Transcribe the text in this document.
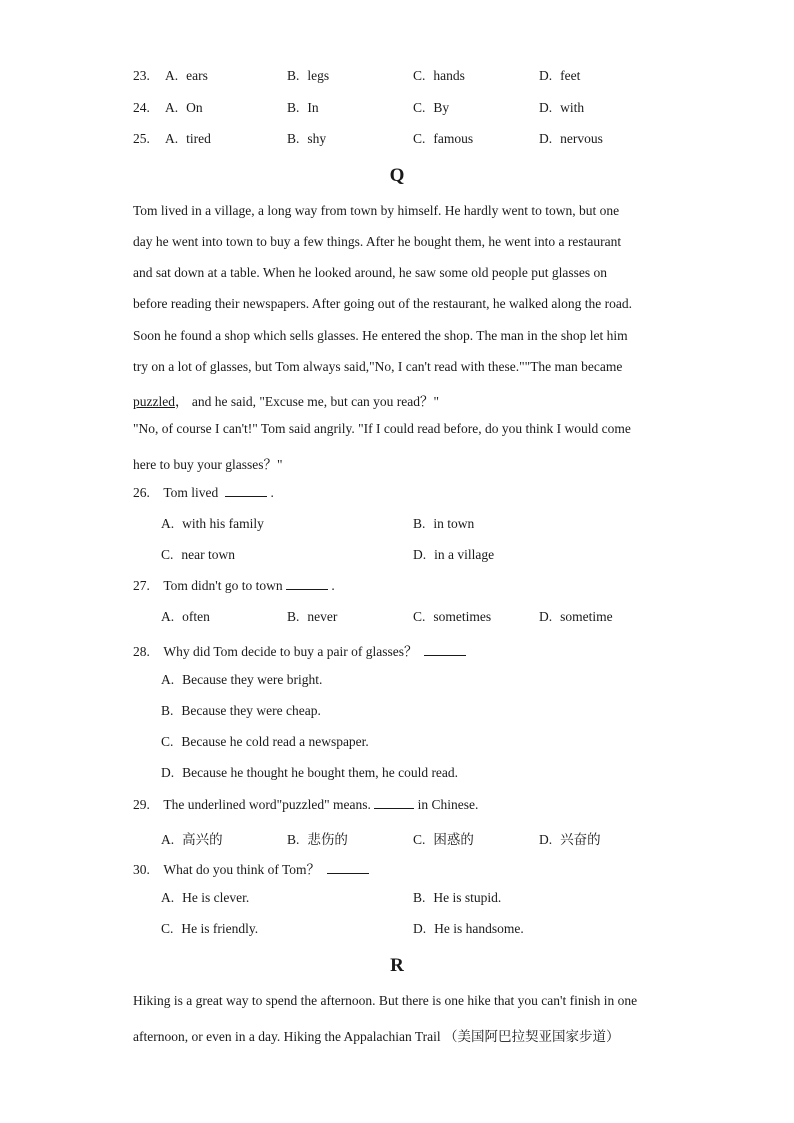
23. A. ears	B. legs	C. hands	D. feet
24. A. On	B. In	C. By	D. with
25. A. tired	B. shy	C. famous	D. nervous
Q
Tom lived in a village, a long way from town by himself. He hardly went to town, but one
day he went into town to buy a few things. After he bought them, he went into a restaurant
and sat down at a table. When he looked around, he saw some old people put glasses on
before reading their newspapers. After going out of the restaurant, he walked along the road.
Soon he found a shop which sells glasses. He entered the shop. The man in the shop let him
try on a lot of glasses, but Tom always said,"No, I can't read with these.""The man became
puzzled， and he said, "Excuse me, but can you read？"
"No, of course I can't!" Tom said angrily. "If I could read before, do you think I would come
here to buy your glasses？"
26. Tom lived	.
A. with his family	B. in town
C. near town	D. in a village
27. Tom didn't go to town	.
A. often	B. never	C. sometimes	D. sometime
28. Why did Tom decide to buy a pair of glasses？
A. Because they were bright.
B. Because they were cheap.
C. Because he cold read a newspaper.
D. Because he thought he bought them, he could read.
29. The underlined word"puzzled" means.	in Chinese.
A. 高兴的	B. 悲伤的	C. 困惑的	D. 兴奋的
30. What do you think of Tom？
A. He is clever.	B. He is stupid.
C. He is friendly.	D. He is handsome.
R
Hiking is a great way to spend the afternoon. But there is one hike that you can't finish in one
afternoon, or even in a day. Hiking the Appalachian Trail （美国阿巴拉契亚国家步道）
